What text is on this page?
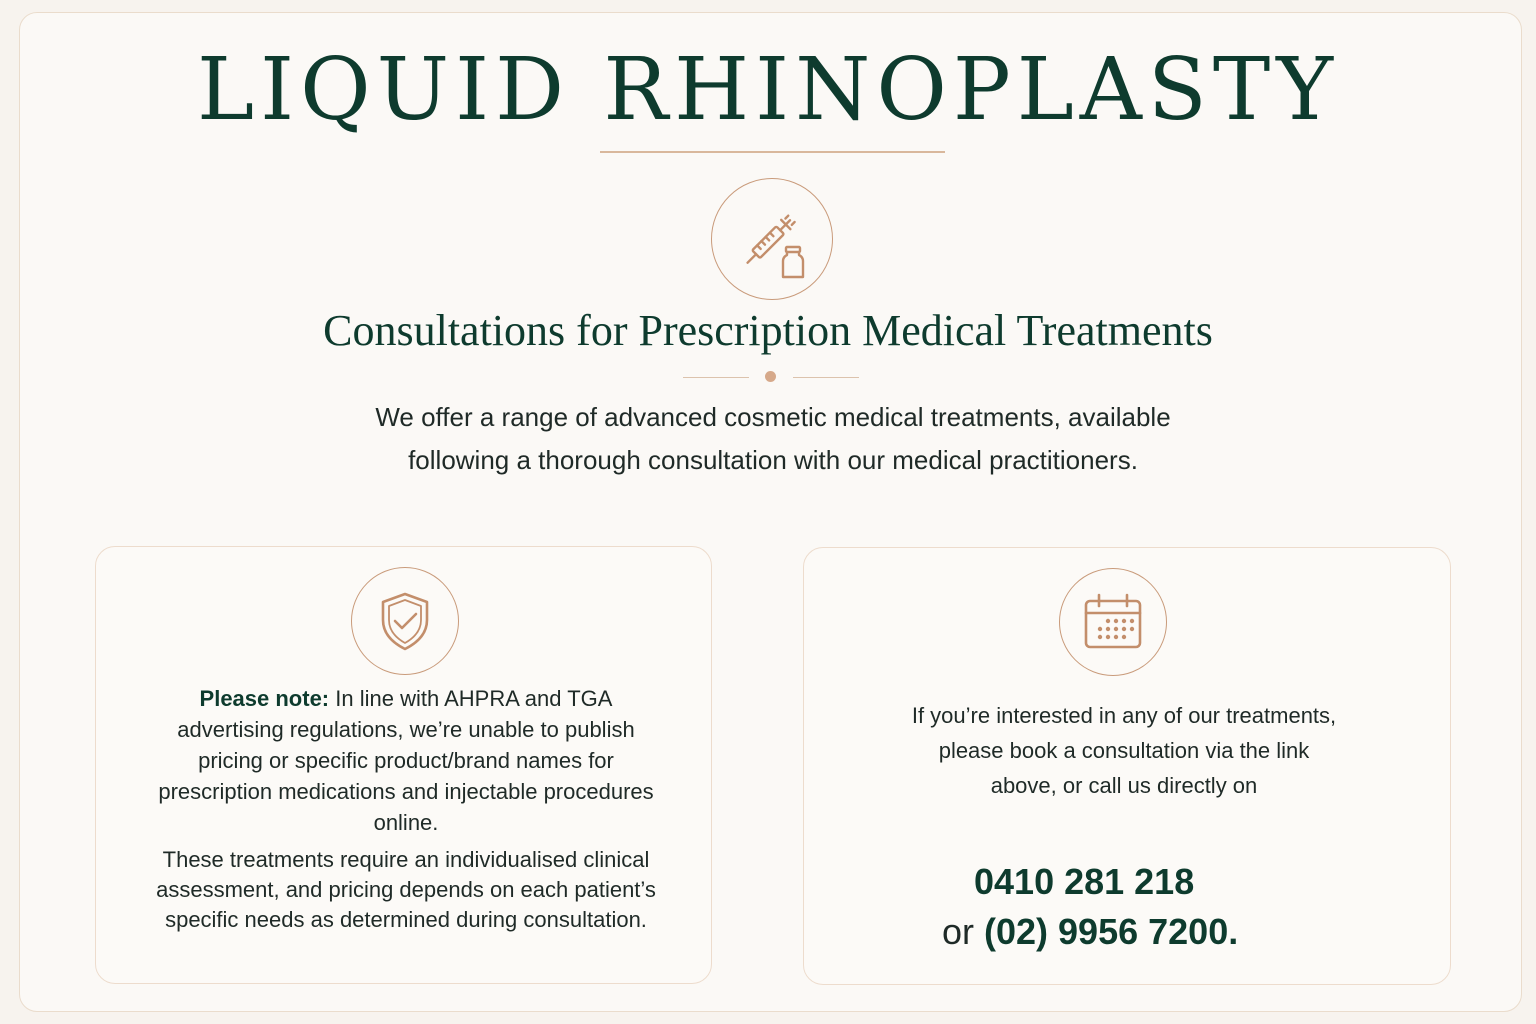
LIQUID RHINOPLASTY
Consultations for Prescription Medical Treatments

We offer a range of advanced cosmetic medical treatments, available following a thorough consultation with our medical practitioners.

Please note: In line with AHPRA and TGA advertising regulations, we’re unable to publish pricing or specific product/brand names for prescription medications and injectable procedures online.

These treatments require an individualised clinical assessment, and pricing depends on each patient’s specific needs as determined during consultation.

If you’re interested in any of our treatments, please book a consultation via the link above, or call us directly on

0410 281 218
or (02) 9956 7200.
